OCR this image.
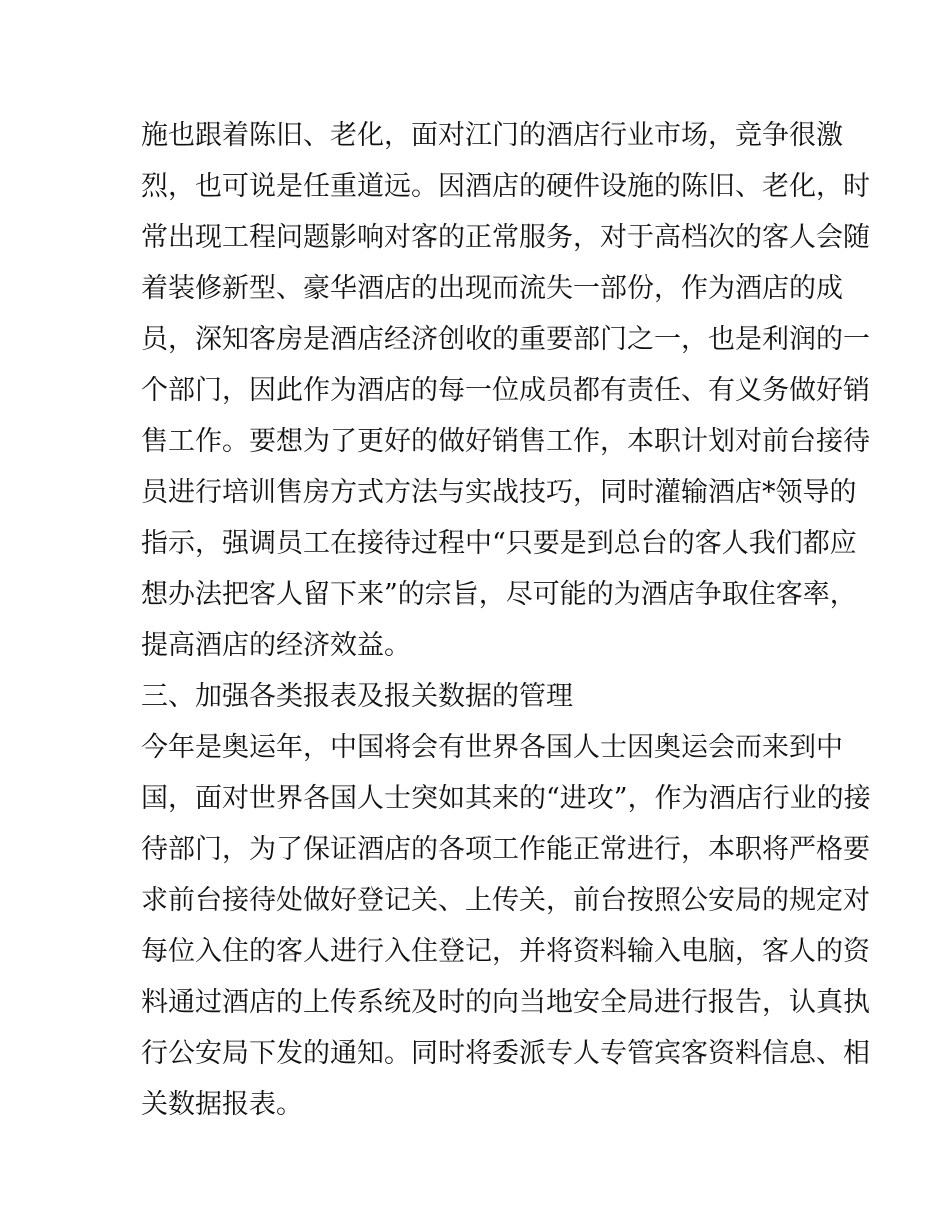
施也跟着陈旧、老化，面对江门的酒店行业市场，竞争很激
烈，也可说是任重道远。因酒店的硬件设施的陈旧、老化，时
常出现工程问题影响对客的正常服务，对于高档次的客人会随
着装修新型、豪华酒店的出现而流失一部份，作为酒店的成
员，深知客房是酒店经济创收的重要部门之一，也是利润的一
个部门，因此作为酒店的每一位成员都有责任、有义务做好销
售工作。要想为了更好的做好销售工作，本职计划对前台接待
员进行培训售房方式方法与实战技巧，同时灌输酒店*领导的
指示，强调员工在接待过程中“只要是到总台的客人我们都应
想办法把客人留下来”的宗旨，尽可能的为酒店争取住客率，
提高酒店的经济效益。
三、加强各类报表及报关数据的管理
今年是奥运年，中国将会有世界各国人士因奥运会而来到中
国，面对世界各国人士突如其来的“进攻”，作为酒店行业的接
待部门，为了保证酒店的各项工作能正常进行，本职将严格要
求前台接待处做好登记关、上传关，前台按照公安局的规定对
每位入住的客人进行入住登记，并将资料输入电脑，客人的资
料通过酒店的上传系统及时的向当地安全局进行报告，认真执
行公安局下发的通知。同时将委派专人专管宾客资料信息、相
关数据报表。
